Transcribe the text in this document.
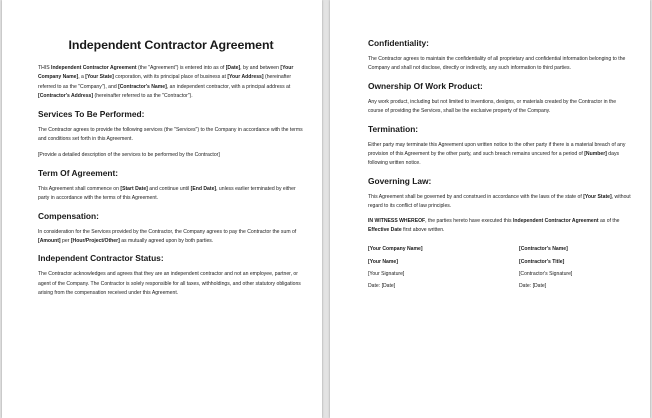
Independent Contractor Agreement
THIS Independent Contractor Agreement (the "Agreement") is entered into as of [Date], by and between [Your Company Name], a [Your State] corporation, with its principal place of business at [Your Address] (hereinafter referred to as the "Company"), and [Contractor's Name], an independent contractor, with a principal address at [Contractor's Address] (hereinafter referred to as the "Contractor").
Services To Be Performed:
The Contractor agrees to provide the following services (the "Services") to the Company in accordance with the terms and conditions set forth in this Agreement.
[Provide a detailed description of the services to be performed by the Contractor]
Term Of Agreement:
This Agreement shall commence on [Start Date] and continue until [End Date], unless earlier terminated by either party in accordance with the terms of this Agreement.
Compensation:
In consideration for the Services provided by the Contractor, the Company agrees to pay the Contractor the sum of [Amount] per [Hour/Project/Other] as mutually agreed upon by both parties.
Independent Contractor Status:
The Contractor acknowledges and agrees that they are an independent contractor and not an employee, partner, or agent of the Company. The Contractor is solely responsible for all taxes, withholdings, and other statutory obligations arising from the compensation received under this Agreement.
Confidentiality:
The Contractor agrees to maintain the confidentiality of all proprietary and confidential information belonging to the Company and shall not disclose, directly or indirectly, any such information to third parties.
Ownership Of Work Product:
Any work product, including but not limited to inventions, designs, or materials created by the Contractor in the course of providing the Services, shall be the exclusive property of the Company.
Termination:
Either party may terminate this Agreement upon written notice to the other party if there is a material breach of any provision of this Agreement by the other party, and such breach remains uncured for a period of [Number] days following written notice.
Governing Law:
This Agreement shall be governed by and construed in accordance with the laws of the state of [Your State], without regard to its conflict of law principles.
IN WITNESS WHEREOF, the parties hereto have executed this Independent Contractor Agreement as of the Effective Date first above written.
[Your Company Name]	[Contractor's Name]
[Your Name]	[Contractor's Title]
[Your Signature]	[Contractor's Signature]
Date: [Date]	Date: [Date]
